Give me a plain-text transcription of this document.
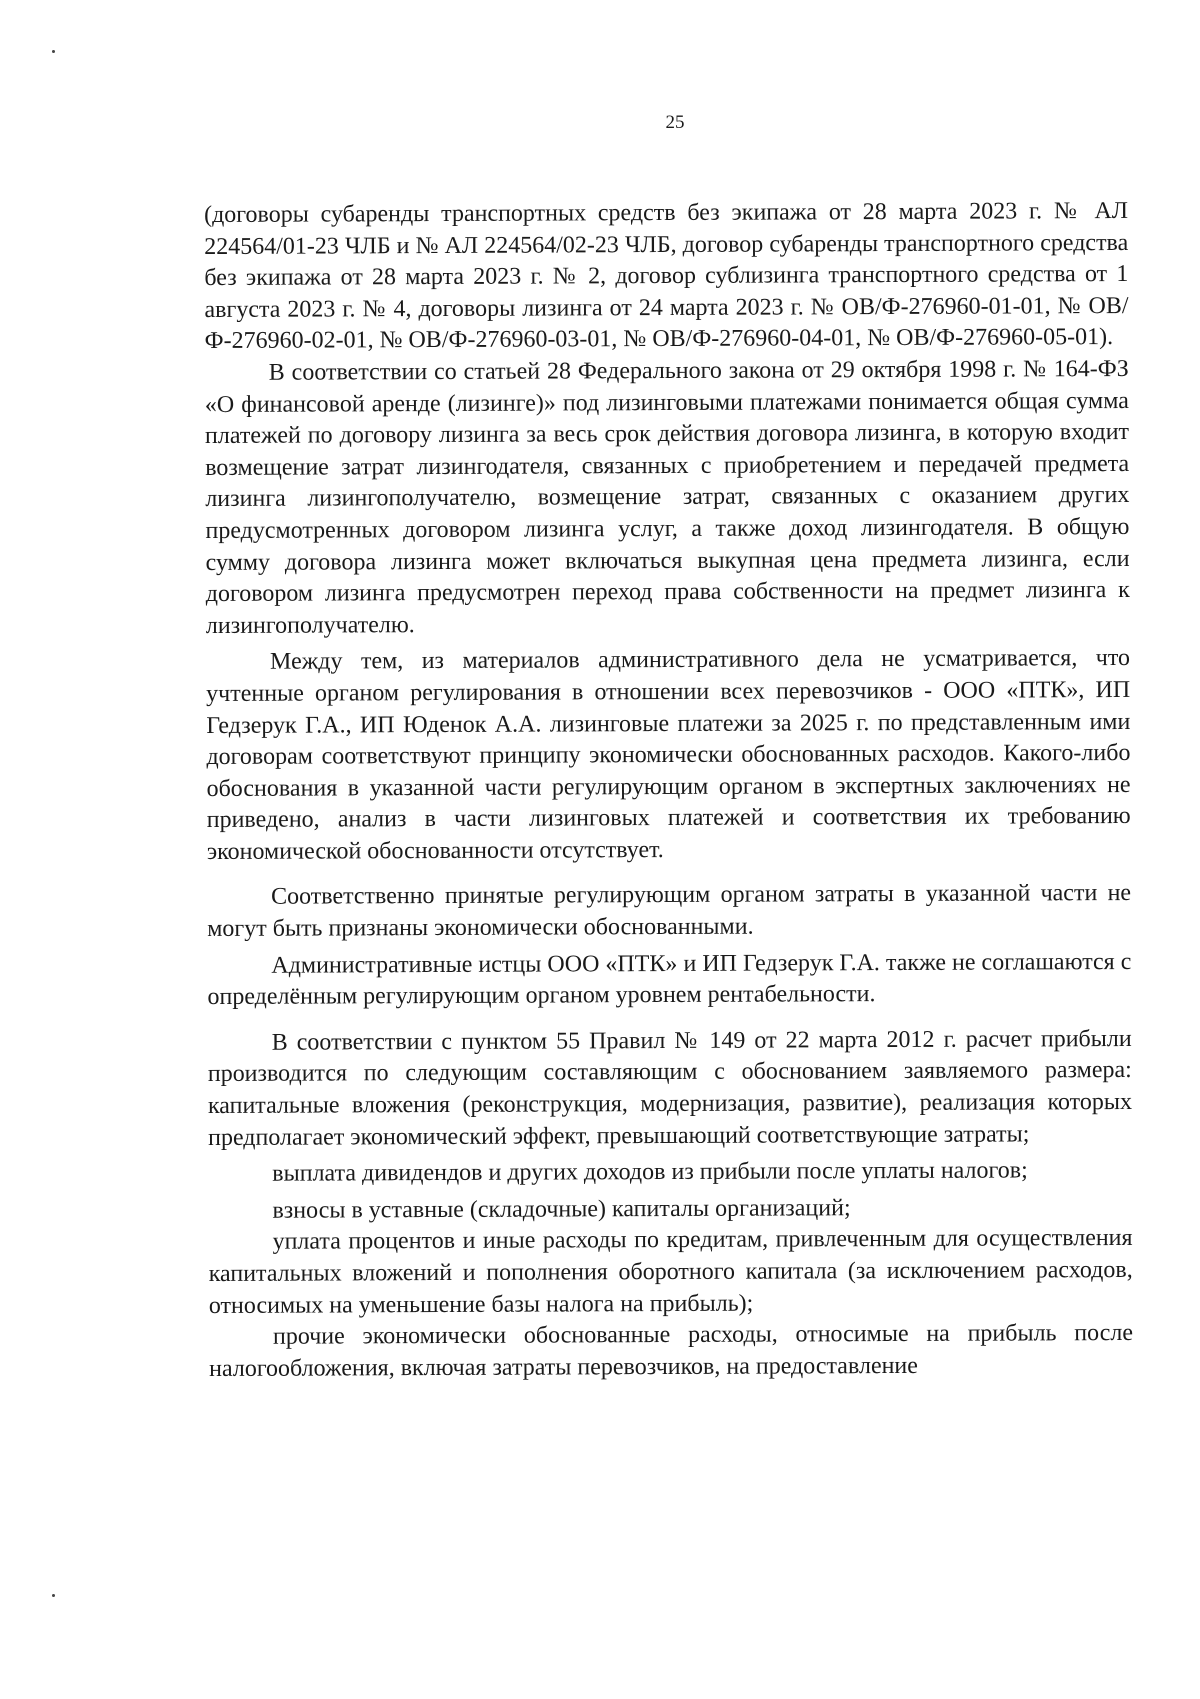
25

(договоры субаренды транспортных средств без экипажа от 28 марта 2023 г. № АЛ 224564/01-23 ЧЛБ и № АЛ 224564/02-23 ЧЛБ, договор субаренды транспортного средства без экипажа от 28 марта 2023 г. № 2, договор сублизинга транспортного средства от 1 августа 2023 г. № 4, договоры лизинга от 24 марта 2023 г. № ОВ/Ф-276960-01-01, № ОВ/Ф-276960-02-01, № ОВ/Ф-276960-03-01, № ОВ/Ф-276960-04-01, № ОВ/Ф-276960-05-01).

В соответствии со статьей 28 Федерального закона от 29 октября 1998 г. № 164-ФЗ «О финансовой аренде (лизинге)» под лизинговыми платежами понимается общая сумма платежей по договору лизинга за весь срок действия договора лизинга, в которую входит возмещение затрат лизингодателя, связанных с приобретением и передачей предмета лизинга лизингополучателю, возмещение затрат, связанных с оказанием других предусмотренных договором лизинга услуг, а также доход лизингодателя. В общую сумму договора лизинга может включаться выкупная цена предмета лизинга, если договором лизинга предусмотрен переход права собственности на предмет лизинга к лизингополучателю.

Между тем, из материалов административного дела не усматривается, что учтенные органом регулирования в отношении всех перевозчиков - ООО «ПТК», ИП Гедзерук Г.А., ИП Юденок А.А. лизинговые платежи за 2025 г. по представленным ими договорам соответствуют принципу экономически обоснованных расходов. Какого-либо обоснования в указанной части регулирующим органом в экспертных заключениях не приведено, анализ в части лизинговых платежей и соответствия их требованию экономической обоснованности отсутствует.

Соответственно принятые регулирующим органом затраты в указанной части не могут быть признаны экономически обоснованными.

Административные истцы ООО «ПТК» и ИП Гедзерук Г.А. также не соглашаются с определённым регулирующим органом уровнем рентабельности.

В соответствии с пунктом 55 Правил № 149 от 22 марта 2012 г. расчет прибыли производится по следующим составляющим с обоснованием заявляемого размера: капитальные вложения (реконструкция, модернизация, развитие), реализация которых предполагает экономический эффект, превышающий соответствующие затраты;

выплата дивидендов и других доходов из прибыли после уплаты налогов;

взносы в уставные (складочные) капиталы организаций;

уплата процентов и иные расходы по кредитам, привлеченным для осуществления капитальных вложений и пополнения оборотного капитала (за исключением расходов, относимых на уменьшение базы налога на прибыль);

прочие экономически обоснованные расходы, относимые на прибыль после налогообложения, включая затраты перевозчиков, на предоставление
